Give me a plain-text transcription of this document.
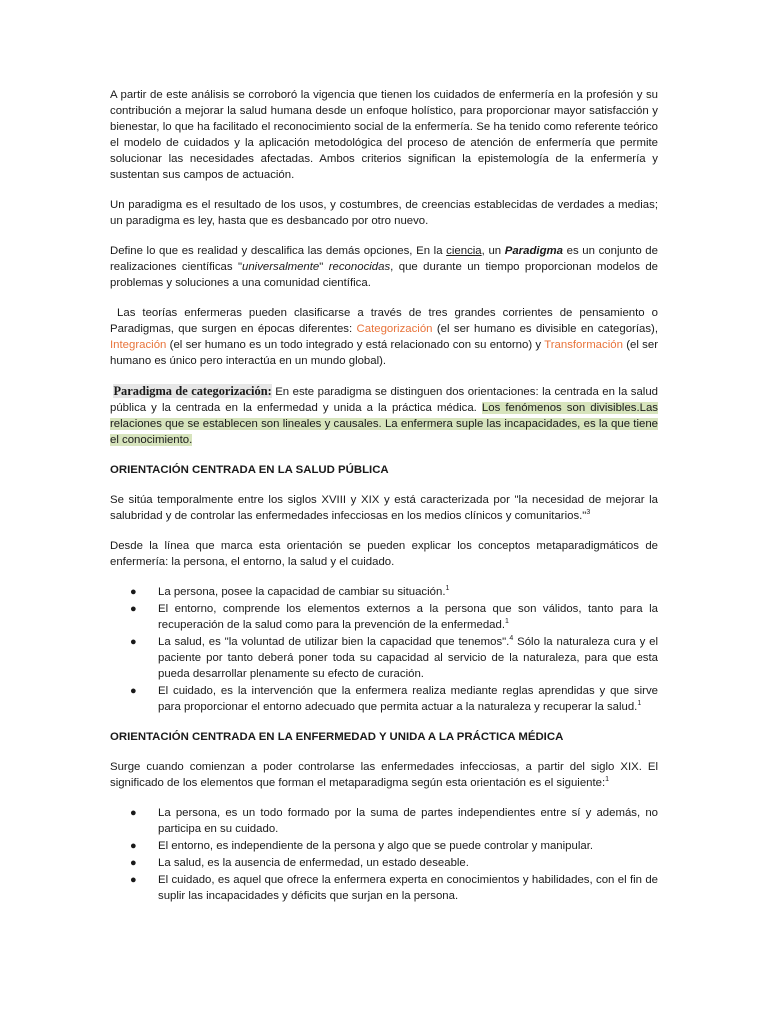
A partir de este análisis se corroboró la vigencia que tienen los cuidados de enfermería en la profesión y su contribución a mejorar la salud humana desde un enfoque holístico, para proporcionar mayor satisfacción y bienestar, lo que ha facilitado el reconocimiento social de la enfermería. Se ha tenido como referente teórico el modelo de cuidados y la aplicación metodológica del proceso de atención de enfermería que permite solucionar las necesidades afectadas. Ambos criterios significan la epistemología de la enfermería y sustentan sus campos de actuación.

Un paradigma es el resultado de los usos, y costumbres, de creencias establecidas de verdades a medias; un paradigma es ley, hasta que es desbancado por otro nuevo.

Define lo que es realidad y descalifica las demás opciones, En la ciencia, un Paradigma es un conjunto de realizaciones científicas "universalmente" reconocidas, que durante un tiempo proporcionan modelos de problemas y soluciones a una comunidad científica.

Las teorías enfermeras pueden clasificarse a través de tres grandes corrientes de pensamiento o Paradigmas, que surgen en épocas diferentes: Categorización (el ser humano es divisible en categorías), Integración (el ser humano es un todo integrado y está relacionado con su entorno) y Transformación (el ser humano es único pero interactúa en un mundo global).

Paradigma de categorización: En este paradigma se distinguen dos orientaciones: la centrada en la salud pública y la centrada en la enfermedad y unida a la práctica médica. Los fenómenos son divisibles.Las relaciones que se establecen son lineales y causales. La enfermera suple las incapacidades, es la que tiene el conocimiento.

ORIENTACIÓN CENTRADA EN LA SALUD PÚBLICA

Se sitúa temporalmente entre los siglos XVIII y XIX y está caracterizada por "la necesidad de mejorar la salubridad y de controlar las enfermedades infecciosas en los medios clínicos y comunitarios."$^3$

Desde la línea que marca esta orientación se pueden explicar los conceptos metaparadigmáticos de enfermería: la persona, el entorno, la salud y el cuidado.

● La persona, posee la capacidad de cambiar su situación.$^1$
● El entorno, comprende los elementos externos a la persona que son válidos, tanto para la recuperación de la salud como para la prevención de la enfermedad.$^1$
● La salud, es "la voluntad de utilizar bien la capacidad que tenemos".$^4$ Sólo la naturaleza cura y el paciente por tanto deberá poner toda su capacidad al servicio de la naturaleza, para que esta pueda desarrollar plenamente su efecto de curación.
● El cuidado, es la intervención que la enfermera realiza mediante reglas aprendidas y que sirve para proporcionar el entorno adecuado que permita actuar a la naturaleza y recuperar la salud.$^1$
ORIENTACIÓN CENTRADA EN LA ENFERMEDAD Y UNIDA A LA PRÁCTICA MÉDICA

Surge cuando comienzan a poder controlarse las enfermedades infecciosas, a partir del siglo XIX. El significado de los elementos que forman el metaparadigma según esta orientación es el siguiente:$^1$

● La persona, es un todo formado por la suma de partes independientes entre sí y además, no participa en su cuidado.
● El entorno, es independiente de la persona y algo que se puede controlar y manipular.
● La salud, es la ausencia de enfermedad, un estado deseable.
● El cuidado, es aquel que ofrece la enfermera experta en conocimientos y habilidades, con el fin de suplir las incapacidades y déficits que surjan en la persona.
